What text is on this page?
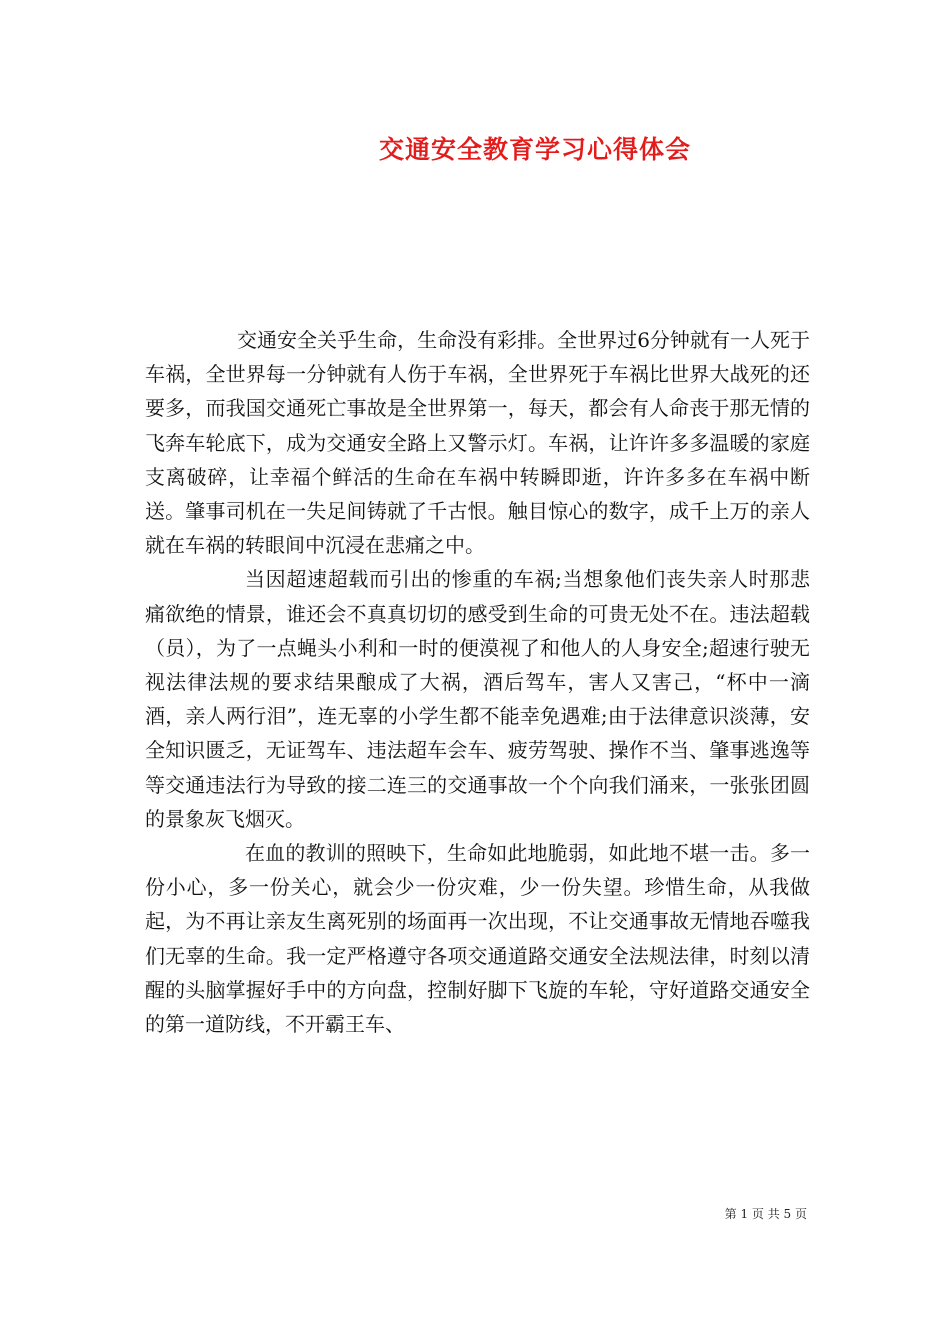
交通安全教育学习心得体会

交通安全关乎生命，生命没有彩排。全世界过6分钟就有一人死于车祸，全世界每一分钟就有人伤于车祸，全世界死于车祸比世界大战死的还要多，而我国交通死亡事故是全世界第一，每天，都会有人命丧于那无情的飞奔车轮底下，成为交通安全路上又警示灯。车祸，让许许多多温暖的家庭支离破碎，让幸福个鲜活的生命在车祸中转瞬即逝，许许多多在车祸中断送。肇事司机在一失足间铸就了千古恨。触目惊心的数字，成千上万的亲人就在车祸的转眼间中沉浸在悲痛之中。

当因超速超载而引出的惨重的车祸;当想象他们丧失亲人时那悲痛欲绝的情景，谁还会不真真切切的感受到生命的可贵无处不在。违法超载（员），为了一点蝇头小利和一时的便漠视了和他人的人身安全;超速行驶无视法律法规的要求结果酿成了大祸，酒后驾车，害人又害己，“杯中一滴酒，亲人两行泪”，连无辜的小学生都不能幸免遇难;由于法律意识淡薄，安全知识匮乏，无证驾车、违法超车会车、疲劳驾驶、操作不当、肇事逃逸等等交通违法行为导致的接二连三的交通事故一个个向我们涌来，一张张团圆的景象灰飞烟灭。

在血的教训的照映下，生命如此地脆弱，如此地不堪一击。多一份小心，多一份关心，就会少一份灾难，少一份失望。珍惜生命，从我做起，为不再让亲友生离死别的场面再一次出现，不让交通事故无情地吞噬我们无辜的生命。我一定严格遵守各项交通道路交通安全法规法律，时刻以清醒的头脑掌握好手中的方向盘，控制好脚下飞旋的车轮，守好道路交通安全的第一道防线，不开霸王车、

第 1 页 共 5 页
